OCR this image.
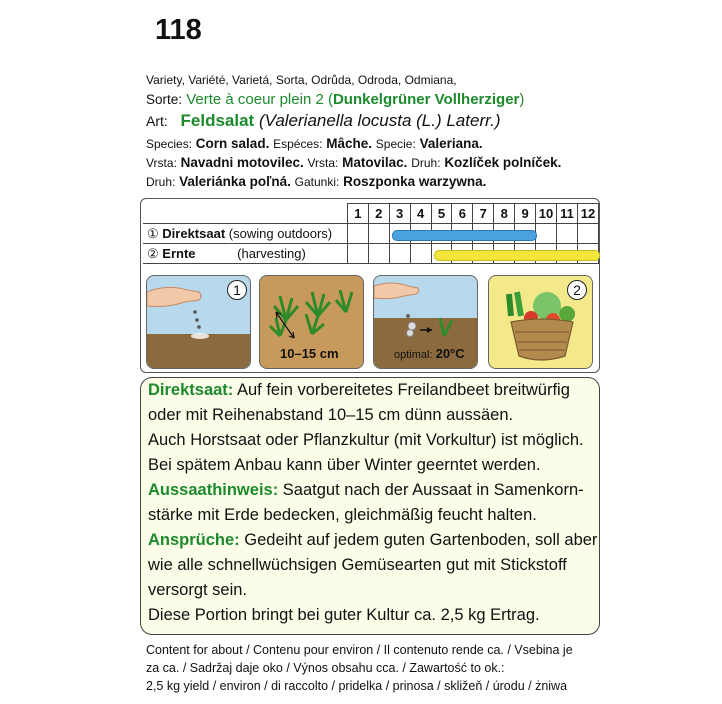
118
Variety, Variété, Varietá, Sorta, Odrůda, Odroda, Odmiana,
Sorte: Verte à coeur plein 2 (Dunkelgrüner Vollherziger)
Art: Feldsalat (Valerianella locusta (L.) Laterr.)
Species: Corn salad. Espéces: Mâche. Specie: Valeriana.
Vrsta: Navadni motovilec. Vrsta: Matovilac. Druh: Kozlíček polníček.
Druh: Valeriánka poľná. Gatunki: Roszponka warzywna.
	1	2	3	4	5	6	7	8	9	10	11	12
① Direktsaat (sowing outdoors)												
② Ernte (harvesting)												
1
10–15 cm	optimal: 20°C
2
Direktsaat: Auf fein vorbereitetes Freilandbeet breitwürfig
oder mit Reihenabstand 10–15 cm dünn aussäen.
Auch Horstsaat oder Pflanzkultur (mit Vorkultur) ist möglich.
Bei spätem Anbau kann über Winter geerntet werden.
Aussaathinweis: Saatgut nach der Aussaat in Samenkorn-
stärke mit Erde bedecken, gleichmäßig feucht halten.
Ansprüche: Gedeiht auf jedem guten Gartenboden, soll aber
wie alle schnellwüchsigen Gemüsearten gut mit Stickstoff
versorgt sein.
Diese Portion bringt bei guter Kultur ca. 2,5 kg Ertrag.
Content for about / Contenu pour environ / Il contenuto rende ca. / Vsebina je
za ca. / Sadržaj daje oko / Výnos obsahu cca. / Zawartość to ok.:
2,5 kg yield / environ / di raccolto / pridelka / prinosa / skližeň / úrodu / żniwa
